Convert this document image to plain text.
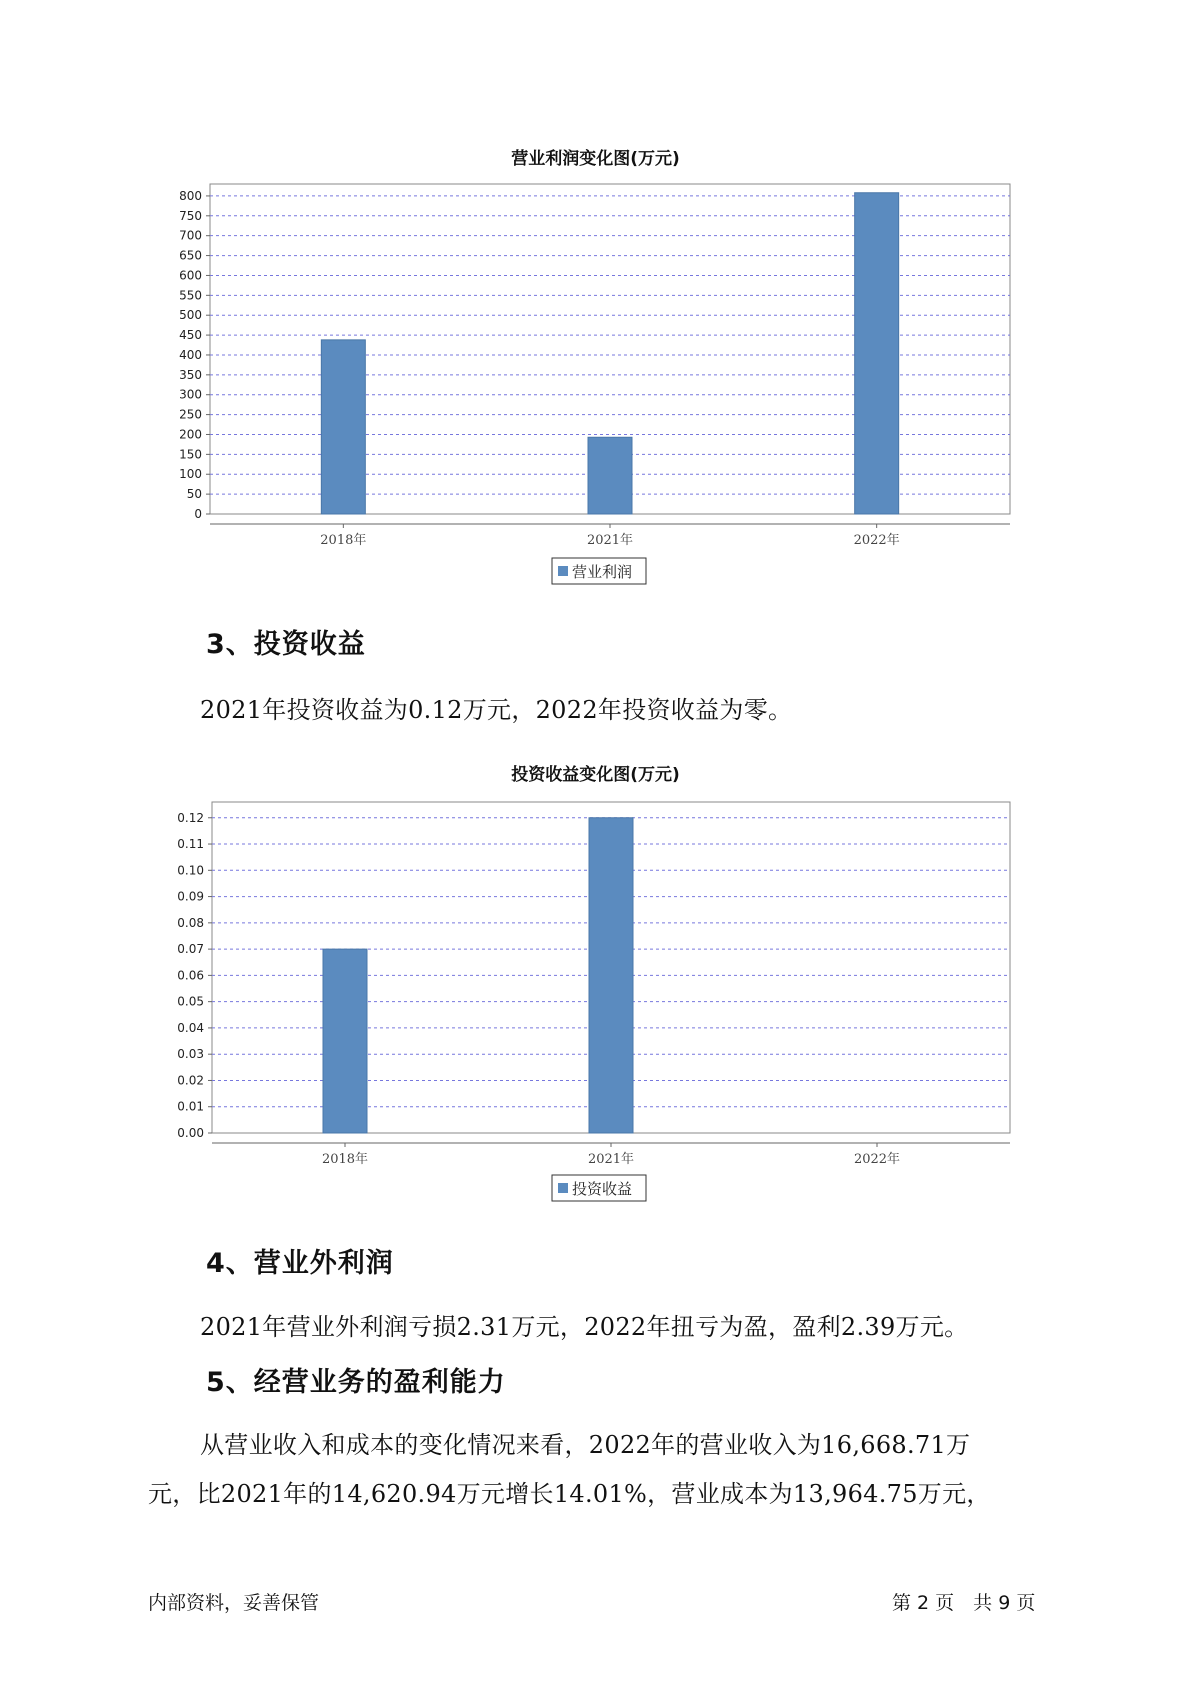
营业利润变化图(万元)
0
50
100
150
200
250
300
350
400
450
500
550
600
650
700
750
800
2018年	2021年	2022年
营业利润
3、投资收益
2021年投资收益为0.12万元，2022年投资收益为零。
投资收益变化图(万元)
0.00
0.01
0.02
0.03
0.04
0.05
0.06
0.07
0.08
0.09
0.10
0.11
0.12
2018年	2021年	2022年
投资收益
4、营业外利润
2021年营业外利润亏损2.31万元，2022年扭亏为盈，盈利2.39万元。
5、经营业务的盈利能力
从营业收入和成本的变化情况来看，2022年的营业收入为16,668.71万
元，比2021年的14,620.94万元增长14.01%，营业成本为13,964.75万元，
内部资料，妥善保管	第 2 页　共 9 页
